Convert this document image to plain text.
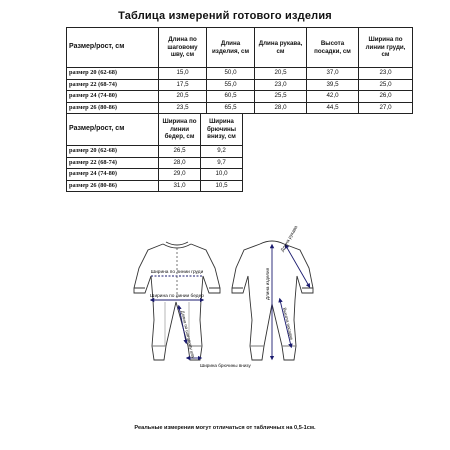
Таблица измерений готового изделия
Размер/рост, см	Длина по шаговому шву, см	Длина изделия, см	Длина рукава, см	Высота посадки, см	Ширина по линии груди, см
размер 20 (62-68)	15,0	50,0	20,5	37,0	23,0
размер 22 (68-74)	17,5	55,0	23,0	39,5	25,0
размер 24 (74-80)	20,5	60,5	25,5	42,0	26,0
размер 26 (80-86)	23,5	65,5	28,0	44,5	27,0
Размер/рост, см	Ширина по линии бедер, см	Ширина брючины внизу, см
размер 20 (62-68)	26,5	9,2
размер 22 (68-74)	28,0	9,7
размер 24 (74-80)	29,0	10,0
размер 26 (80-86)	31,0	10,5
Ширина по линии груди
Ширина по линии бедер
Длина по шаговому шву
Ширина брючины внизу
Длина рукава
Длина изделия
Высота посадки
Реальные измерения могут отличаться от табличных на 0,5-1см.
